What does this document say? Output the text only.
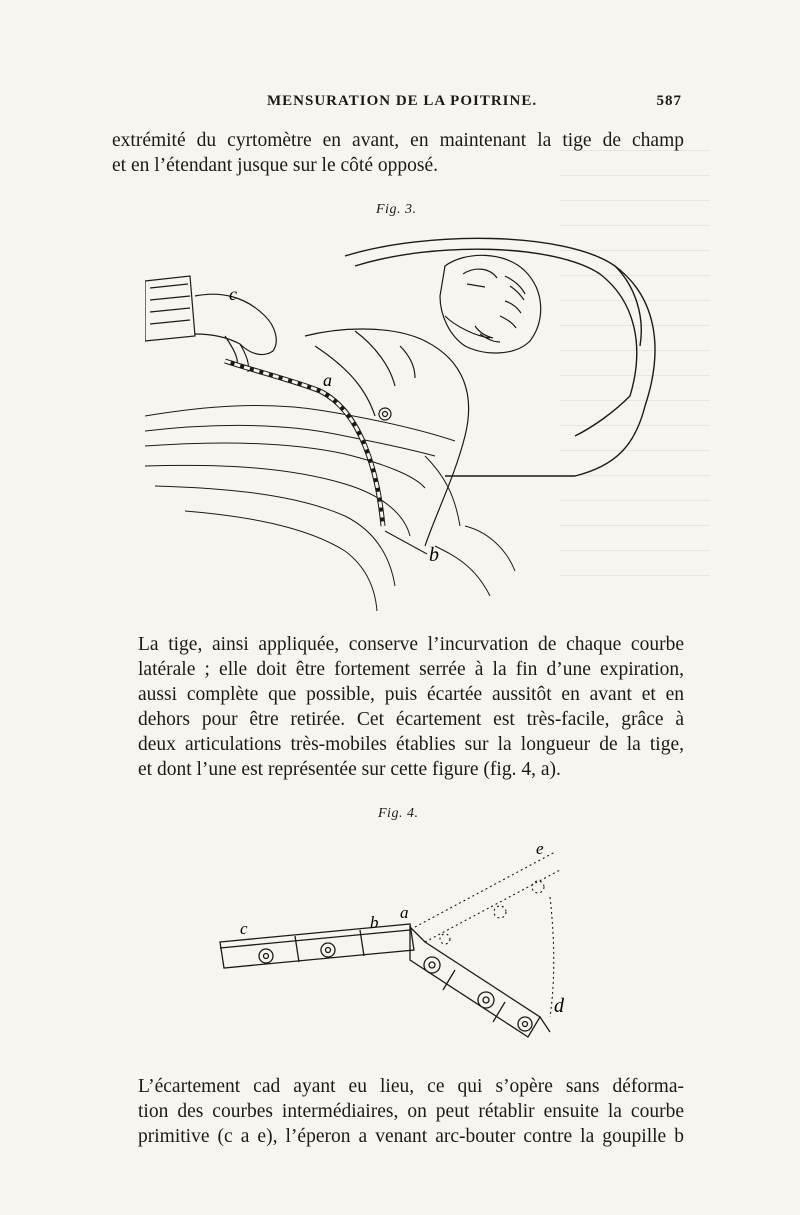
MENSURATION DE LA POITRINE.	587

extrémité du cyrtomètre en avant, en maintenant la tige de champ
et en l’étendant jusque sur le côté opposé.

Fig. 3.
c
a
b

La tige, ainsi appliquée, conserve l’incurvation de chaque courbe
latérale ; elle doit être fortement serrée à la fin d’une expiration,
aussi complète que possible, puis écartée aussitôt en avant et en
dehors pour être retirée. Cet écartement est très-facile, grâce à
deux articulations très-mobiles établies sur la longueur de la tige,
et dont l’une est représentée sur cette figure (fig. 4, a).

Fig. 4.
c	b
a
e
d

L’écartement cad ayant eu lieu, ce qui s’opère sans déforma-
tion des courbes intermédiaires, on peut rétablir ensuite la courbe
primitive (c a e), l’éperon a venant arc-bouter contre la goupille b
